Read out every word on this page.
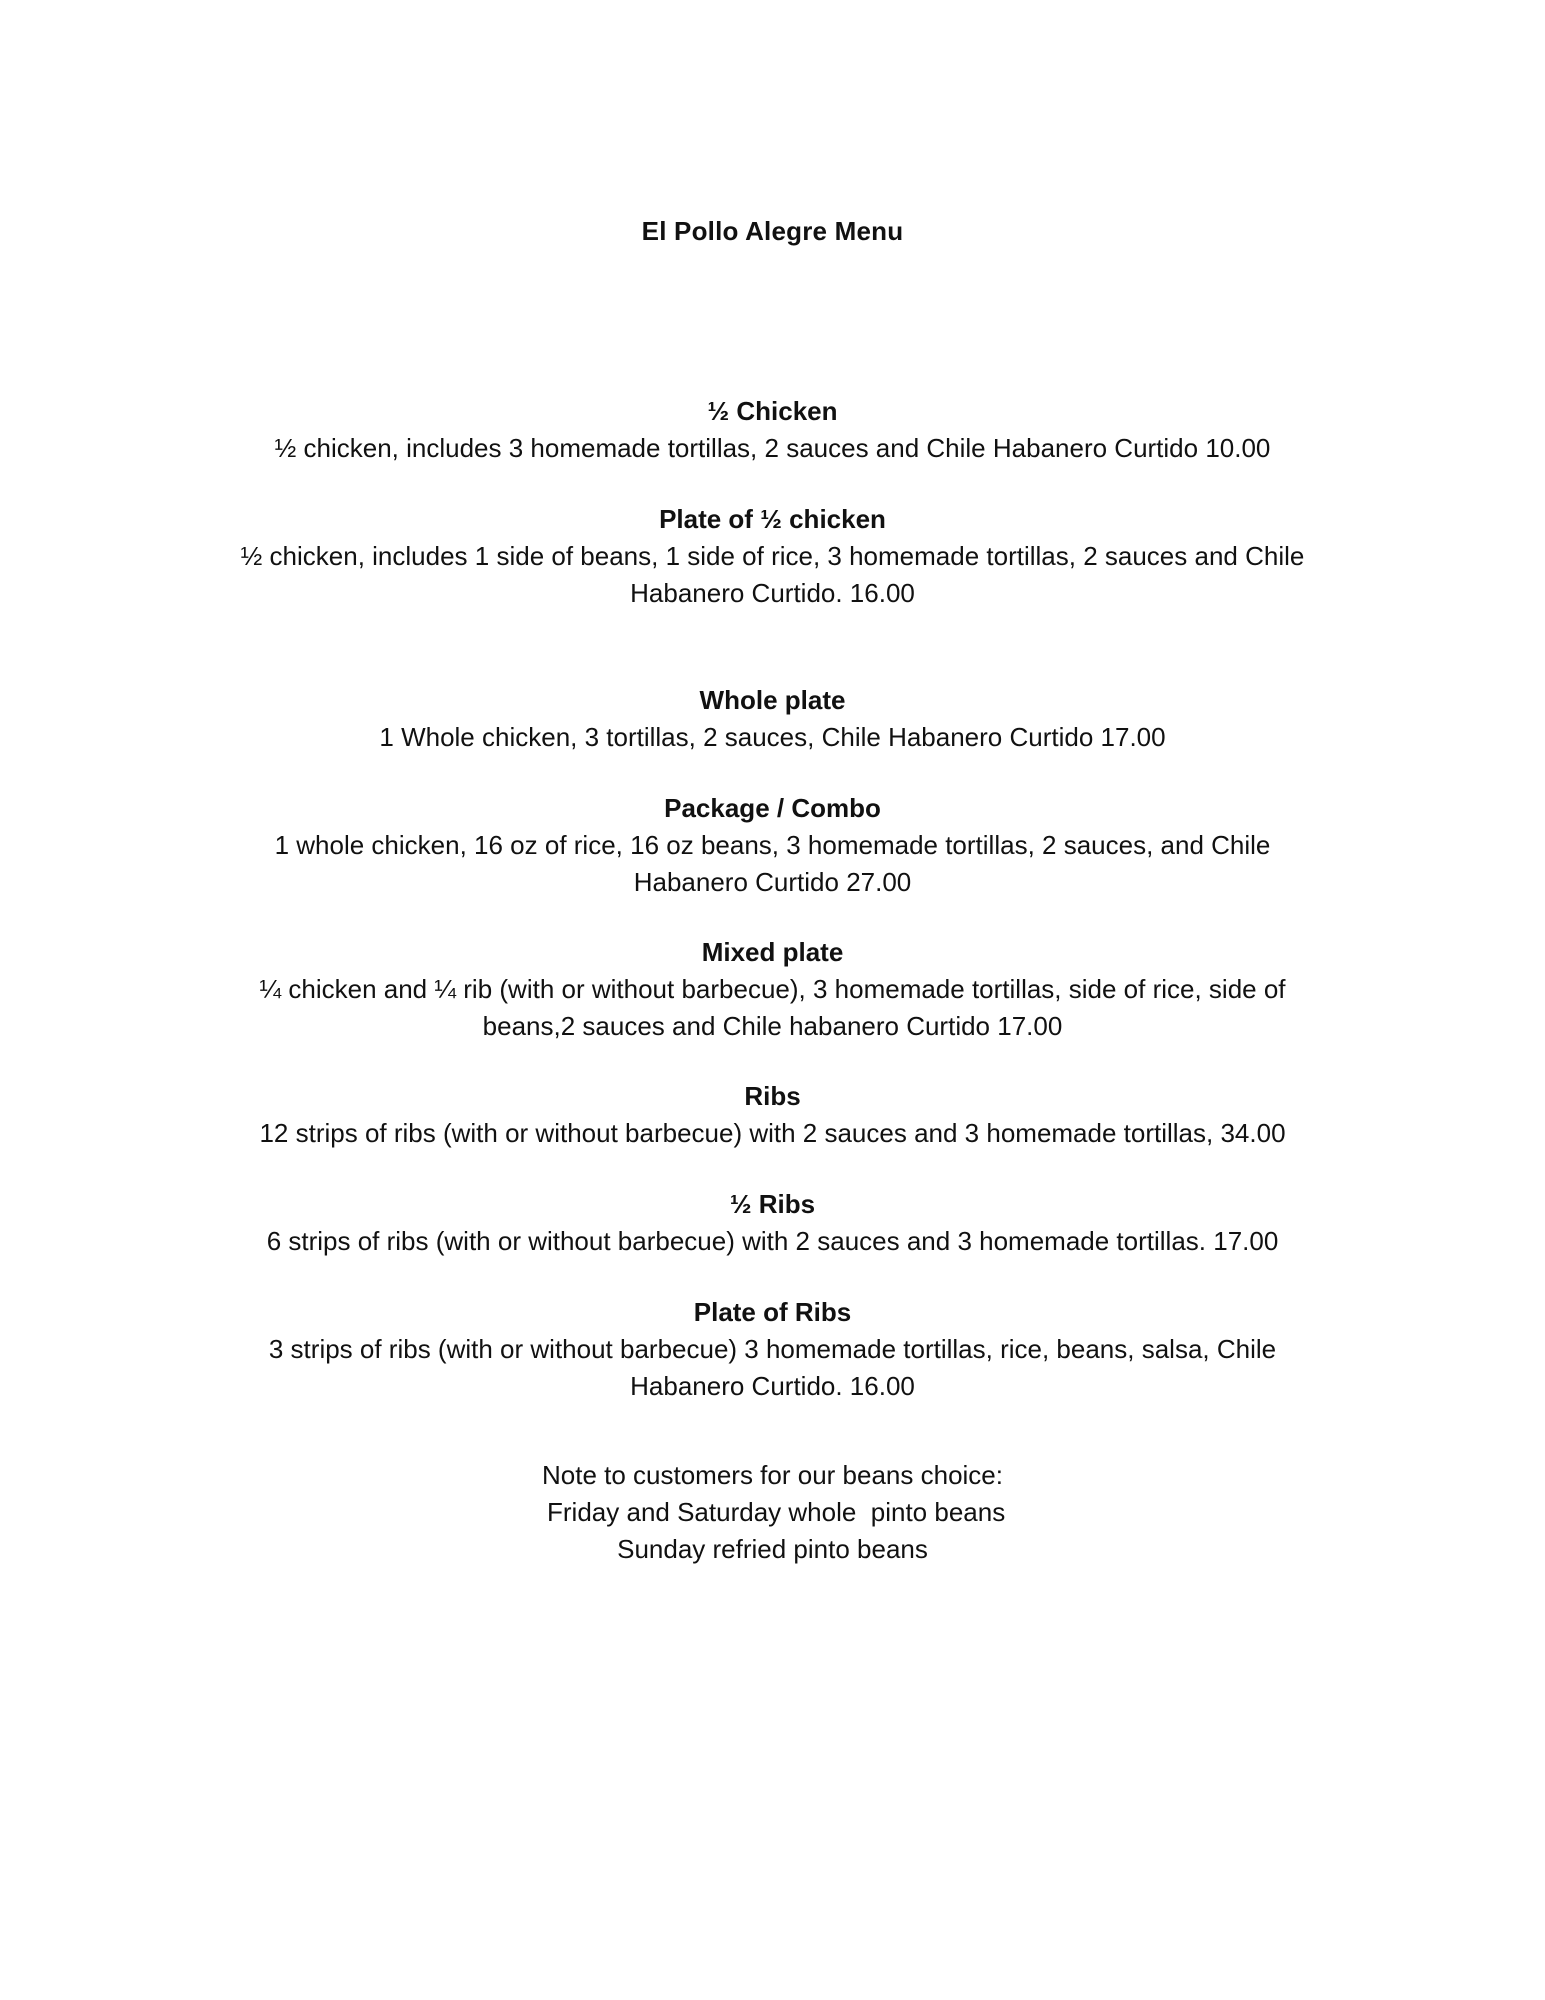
El Pollo Alegre Menu
½ Chicken
½ chicken, includes 3 homemade tortillas, 2 sauces and Chile Habanero Curtido 10.00
Plate of ½ chicken
½ chicken, includes 1 side of beans, 1 side of rice, 3 homemade tortillas, 2 sauces and Chile
Habanero Curtido. 16.00
Whole plate
1 Whole chicken, 3 tortillas, 2 sauces, Chile Habanero Curtido 17.00
Package / Combo
1 whole chicken, 16 oz of rice, 16 oz beans, 3 homemade tortillas, 2 sauces, and Chile
Habanero Curtido 27.00
Mixed plate
¼ chicken and ¼ rib (with or without barbecue), 3 homemade tortillas, side of rice, side of
beans,2 sauces and Chile habanero Curtido 17.00
Ribs
12 strips of ribs (with or without barbecue) with 2 sauces and 3 homemade tortillas, 34.00
½ Ribs
6 strips of ribs (with or without barbecue) with 2 sauces and 3 homemade tortillas. 17.00
Plate of Ribs
3 strips of ribs (with or without barbecue) 3 homemade tortillas, rice, beans, salsa, Chile
Habanero Curtido. 16.00
Note to customers for our beans choice:
Friday and Saturday whole  pinto beans
Sunday refried pinto beans
